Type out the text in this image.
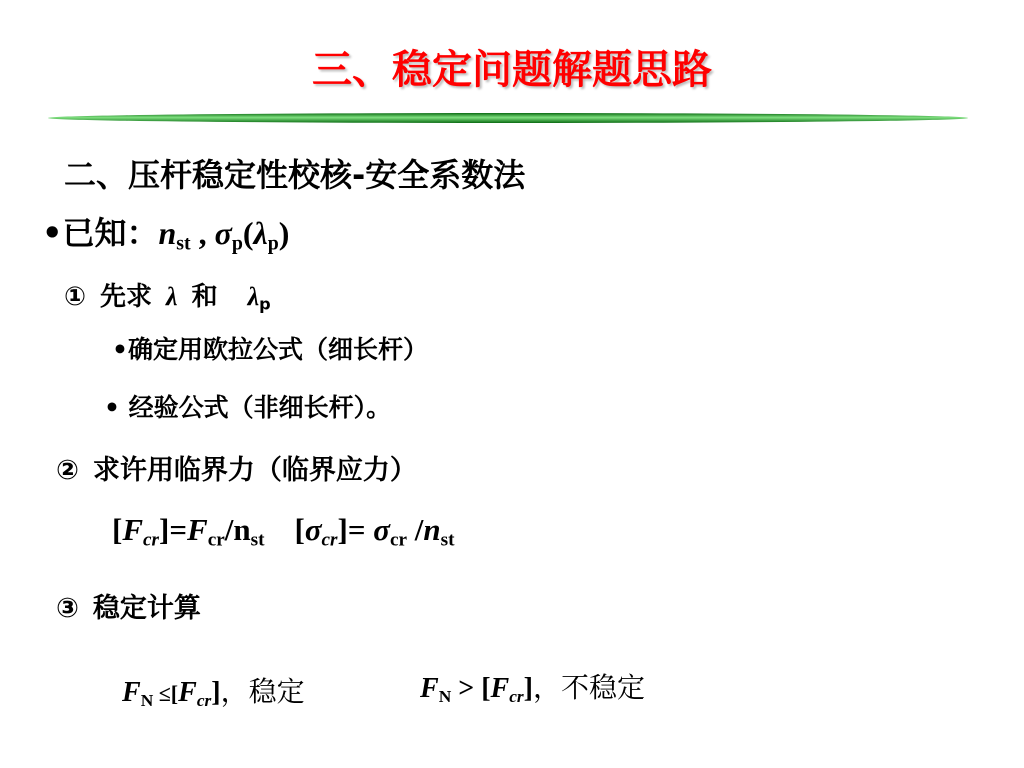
三、稳定问题解题思路
二、压杆稳定性校核-安全系数法
•已知：$n_{st}$ , $\sigma_p(\lambda_p)$
① 先求 λ 和 $\lambda_p$
•确定用欧拉公式（细长杆）
• 经验公式（非细长杆）。
② 求许用临界力（临界应力）
$[F_{cr}]=F_{cr}/n_{st}$ $[\sigma_{cr}]= \sigma_{cr}$ $/n_{st}$
③ 稳定计算
$F_N \le[F_{cr}]$，稳定	$F_N > [F_{cr}]$，不稳定
